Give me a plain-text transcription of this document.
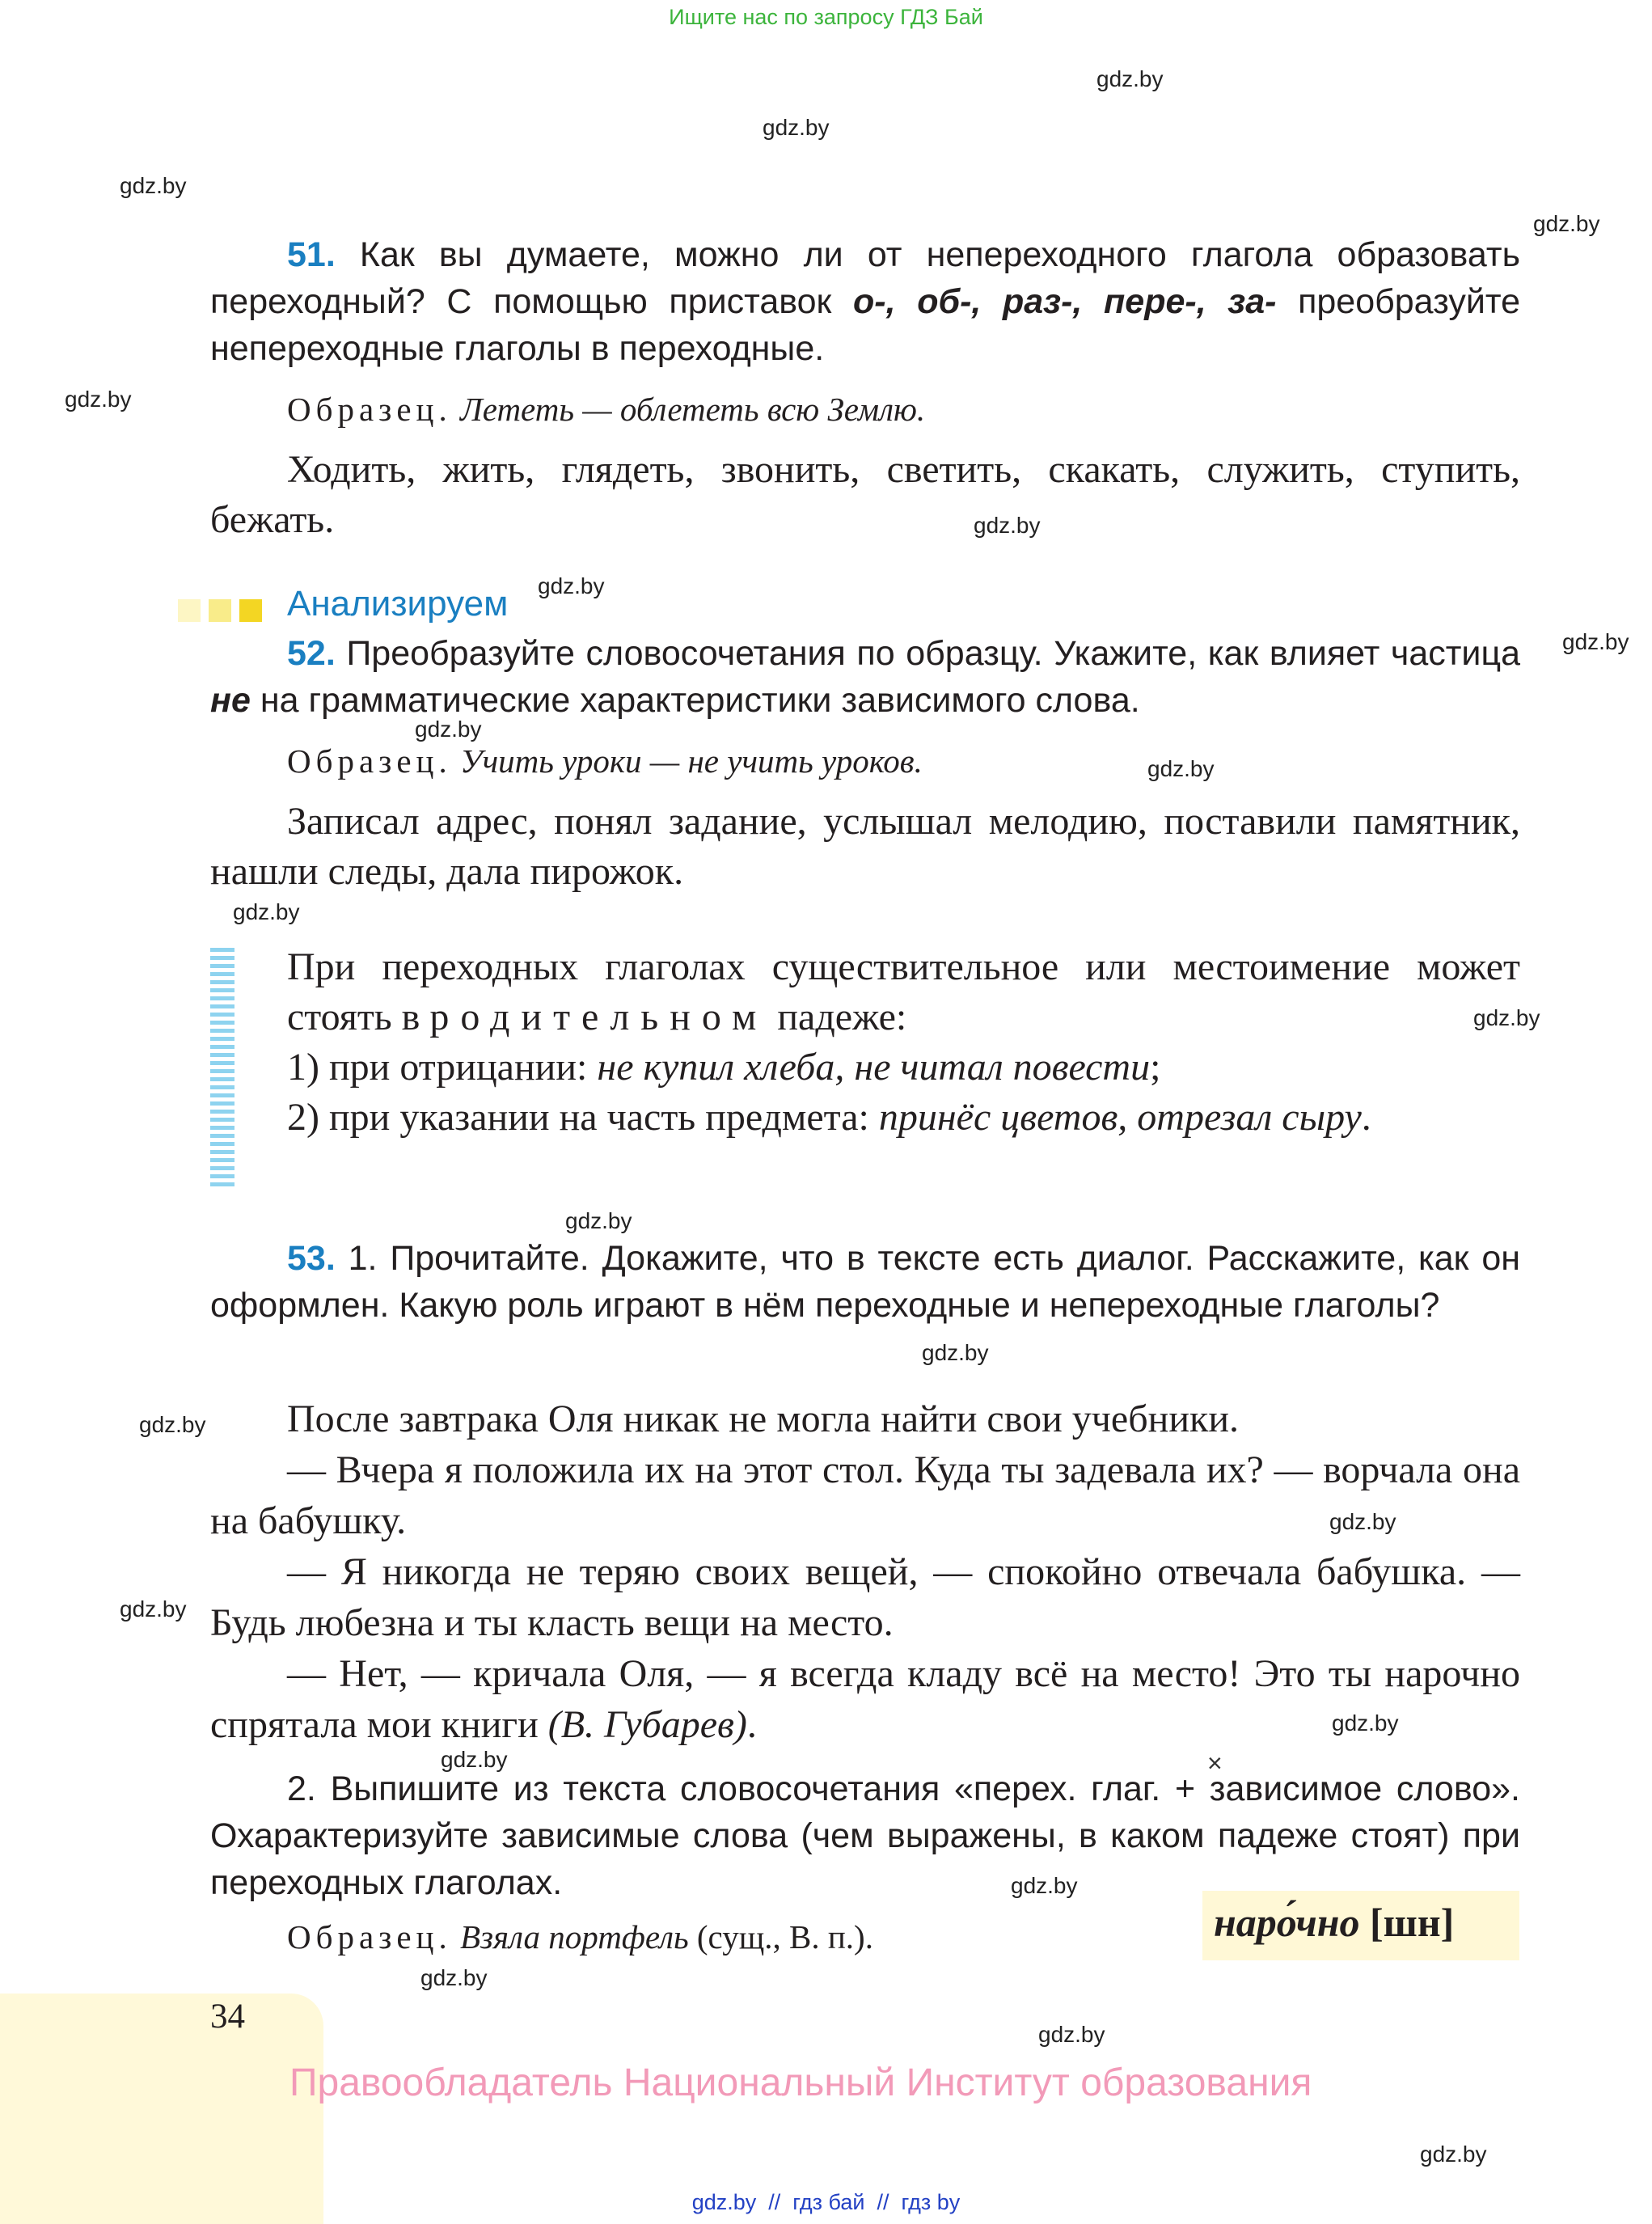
Ищите нас по запросу ГДЗ Бай
gdz.by
gdz.by
gdz.by
gdz.by
gdz.by
gdz.by
gdz.by
gdz.by
gdz.by
gdz.by
gdz.by
gdz.by
gdz.by
gdz.by
gdz.by
gdz.by
gdz.by
gdz.by
gdz.by
gdz.by
gdz.by
gdz.by
gdz.by
51. Как вы думаете, можно ли от непереходного глагола образовать переходный? С помощью приставок о-, об-, раз-, пере-, за- преобразуйте непереходные глаголы в переходные.
Образец. Лететь — облететь всю Землю.
Ходить, жить, глядеть, звонить, светить, скакать, служить, ступить, бежать.
Анализируем
52. Преобразуйте словосочетания по образцу. Укажите, как влияет частица не на грамматические характеристики зависимого слова.
Образец. Учить уроки — не учить уроков.
Записал адрес, понял задание, услышал мелодию, поставили памятник, нашли следы, дала пирожок.
При переходных глаголах существительное или местоимение может стоять в родительном падеже:
1) при отрицании: не купил хлеба, не читал повести;
2) при указании на часть предмета: принёс цветов, отрезал сыру.
53. 1. Прочитайте. Докажите, что в тексте есть диалог. Расскажите, как он оформлен. Какую роль играют в нём переходные и непереходные глаголы?
После завтрака Оля никак не могла найти свои учебники.
— Вчера я положила их на этот стол. Куда ты задевала их? — ворчала она на бабушку.
— Я никогда не теряю своих вещей, — спокойно отвечала бабушка. — Будь любезна и ты класть вещи на место.
— Нет, — кричала Оля, — я всегда кладу всё на место! Это ты нарочно спрятала мои книги (В. Губарев).
×
2. Выпишите из текста словосочетания «перех. глаг. + зависимое слово». Охарактеризуйте зависимые слова (чем выражены, в каком падеже стоят) при переходных глаголах.
Образец. Взяла портфель (сущ., В. п.).	наро́чно [шн]
34
Правообладатель Национальный Институт образования
gdz.by  //  гдз бай  //  гдз by
